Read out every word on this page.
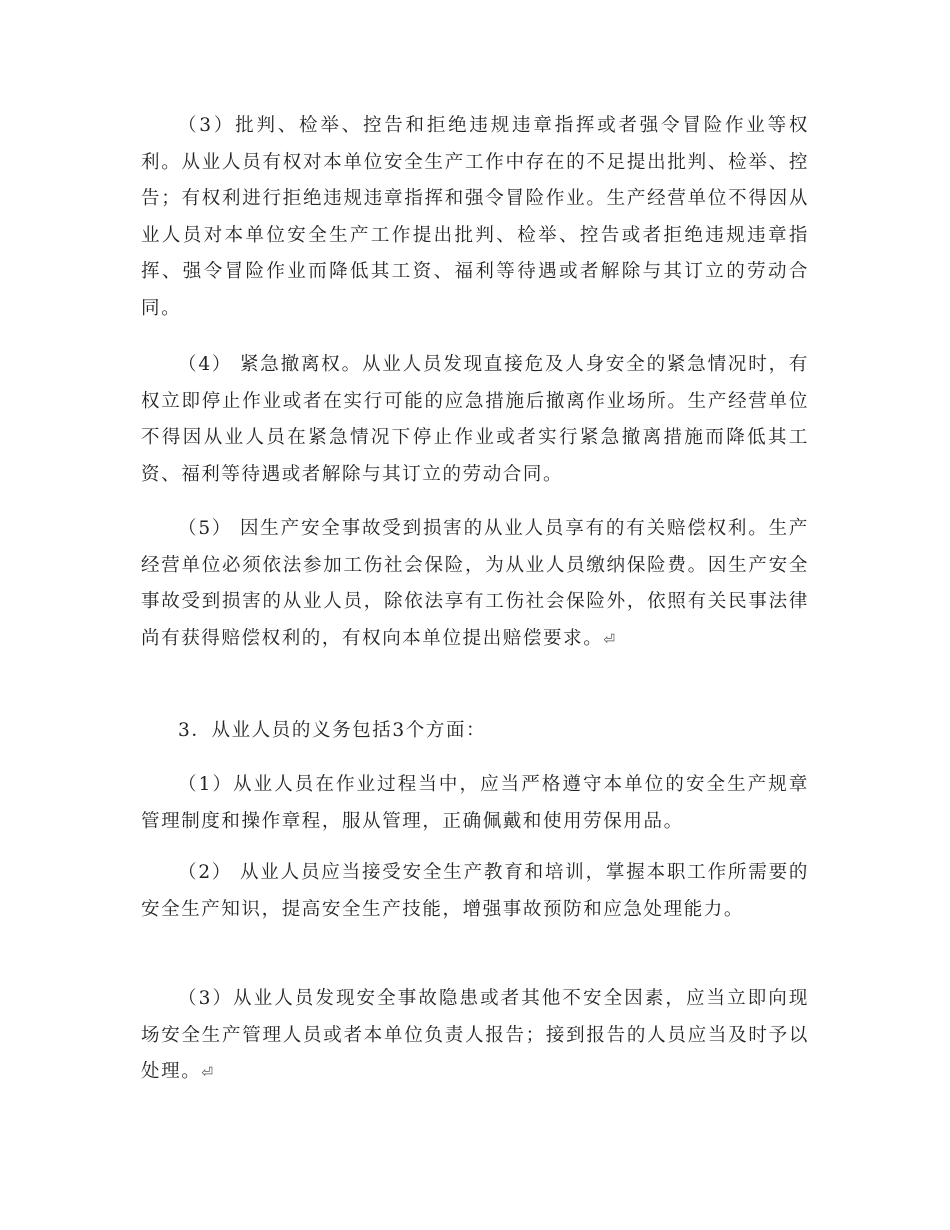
（3）批判、检举、控告和拒绝违规违章指挥或者强令冒险作业等权利。从业人员有权对本单位安全生产工作中存在的不足提出批判、检举、控告；有权利进行拒绝违规违章指挥和强令冒险作业。生产经营单位不得因从业人员对本单位安全生产工作提出批判、检举、控告或者拒绝违规违章指挥、强令冒险作业而降低其工资、福利等待遇或者解除与其订立的劳动合同。

（4） 紧急撤离权。从业人员发现直接危及人身安全的紧急情况时，有权立即停止作业或者在实行可能的应急措施后撤离作业场所。生产经营单位不得因从业人员在紧急情况下停止作业或者实行紧急撤离措施而降低其工资、福利等待遇或者解除与其订立的劳动合同。

（5） 因生产安全事故受到损害的从业人员享有的有关赔偿权利。生产经营单位必须依法参加工伤社会保险，为从业人员缴纳保险费。因生产安全事故受到损害的从业人员，除依法享有工伤社会保险外，依照有关民事法律尚有获得赔偿权利的，有权向本单位提出赔偿要求。⏎

3．从业人员的义务包括3个方面：

（1）从业人员在作业过程当中，应当严格遵守本单位的安全生产规章管理制度和操作章程，服从管理，正确佩戴和使用劳保用品。

（2） 从业人员应当接受安全生产教育和培训，掌握本职工作所需要的安全生产知识，提高安全生产技能，增强事故预防和应急处理能力。

（3）从业人员发现安全事故隐患或者其他不安全因素，应当立即向现场安全生产管理人员或者本单位负责人报告；接到报告的人员应当及时予以处理。⏎
